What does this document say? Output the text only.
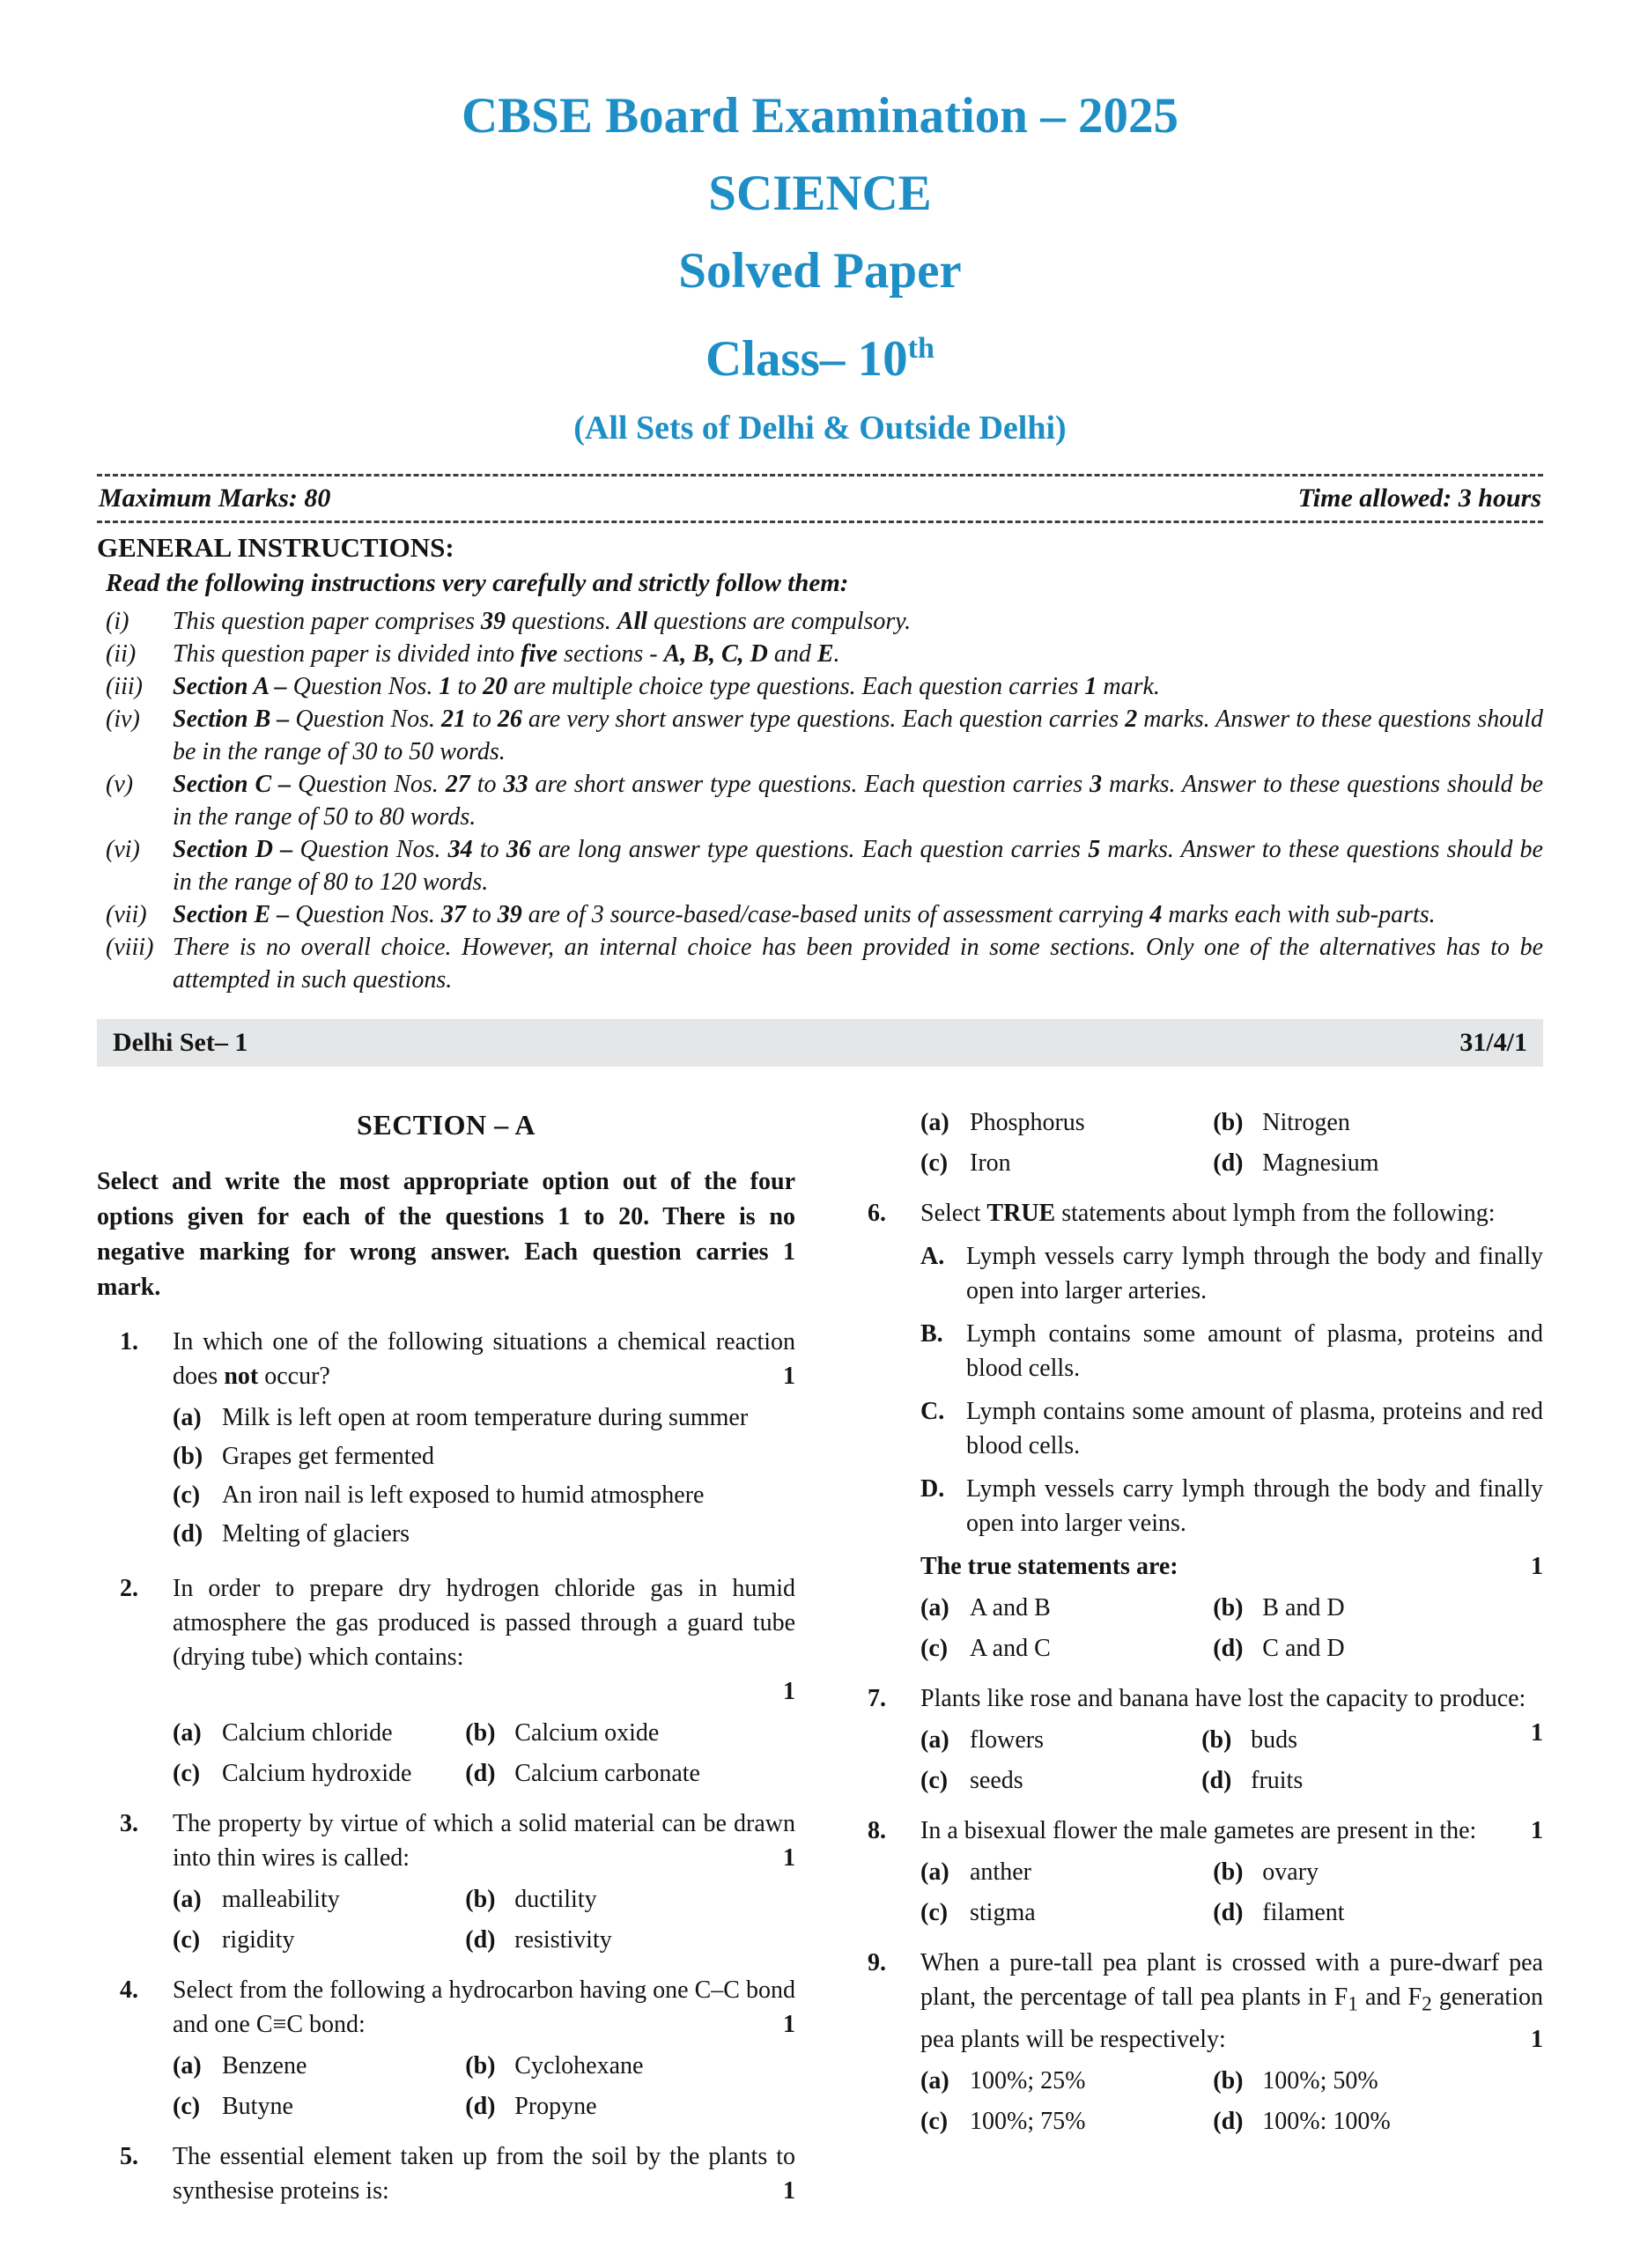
CBSE Board Examination – 2025
SCIENCE
Solved Paper
Class– 10th
(All Sets of Delhi & Outside Delhi)
Maximum Marks: 80	Time allowed: 3 hours
GENERAL INSTRUCTIONS:

Read the following instructions very carefully and strictly follow them:

(i)	This question paper comprises 39 questions. All questions are compulsory.
(ii)	This question paper is divided into five sections - A, B, C, D and E.
(iii)	Section A – Question Nos. 1 to 20 are multiple choice type questions. Each question carries 1 mark.
(iv)	Section B – Question Nos. 21 to 26 are very short answer type questions. Each question carries 2 marks. Answer to these questions should be in the range of 30 to 50 words.
(v)	Section C – Question Nos. 27 to 33 are short answer type questions. Each question carries 3 marks. Answer to these questions should be in the range of 50 to 80 words.
(vi)	Section D – Question Nos. 34 to 36 are long answer type questions. Each question carries 5 marks. Answer to these questions should be in the range of 80 to 120 words.
(vii)	Section E – Question Nos. 37 to 39 are of 3 source-based/case-based units of assessment carrying 4 marks each with sub-parts.
(viii) There is no overall choice. However, an internal choice has been provided in some sections. Only one of the alternatives has to be attempted in such questions.
Delhi Set– 1	31/4/1
SECTION – A
Select and write the most appropriate option out of the four options given for each of the questions 1 to 20. There is no negative marking for wrong answer. Each question carries 1 mark.
1.	In which one of the following situations a chemical reaction does not occur?	1
(a) Milk is left open at room temperature during summer
(b) Grapes get fermented
(c) An iron nail is left exposed to humid atmosphere
(d) Melting of glaciers
2.	In order to prepare dry hydrogen chloride gas in humid atmosphere the gas produced is passed through a guard tube (drying tube) which contains:
1
(a) Calcium chloride	(b) Calcium oxide
(c) Calcium hydroxide	(d) Calcium carbonate
3.	The property by virtue of which a solid material can be drawn into thin wires is called:	1
(a) malleability	(b) ductility
(c) rigidity	(d) resistivity
4.	Select from the following a hydrocarbon having one C–C bond and one C≡C bond:	1
(a) Benzene	(b) Cyclohexane
(c) Butyne	(d) Propyne
5.	The essential element taken up from the soil by the plants to synthesise proteins is:	1
(a) Phosphorus	(b) Nitrogen
(c) Iron	(d) Magnesium
6.	Select TRUE statements about lymph from the following:
A. Lymph vessels carry lymph through the body and finally open into larger arteries.
B. Lymph contains some amount of plasma, proteins and blood cells.
C. Lymph contains some amount of plasma, proteins and red blood cells.
D. Lymph vessels carry lymph through the body and finally open into larger veins.
The true statements are:	1
(a) A and B	(b) B and D
(c) A and C	(d) C and D
7.	Plants like rose and banana have lost the capacity to produce:
1
(a) flowers	(b) buds
(c) seeds	(d) fruits
8.	In a bisexual flower the male gametes are present in the: 1
(a) anther	(b) ovary
(c) stigma	(d) filament
9.	When a pure-tall pea plant is crossed with a pure-dwarf pea plant, the percentage of tall pea plants in $F_1$ and $F_2$ generation pea plants will be respectively:	1
(a) 100%; 25%	(b) 100%; 50%
(c) 100%; 75%	(d) 100%: 100%
